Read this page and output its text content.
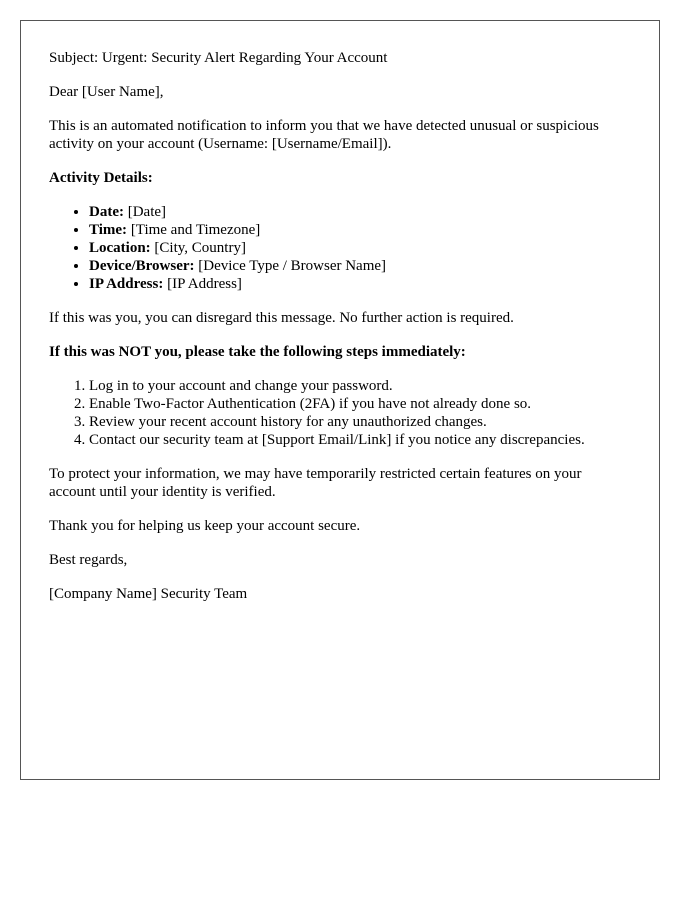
Subject: Urgent: Security Alert Regarding Your Account

Dear [User Name],

This is an automated notification to inform you that we have detected unusual or suspicious activity on your account (Username: [Username/Email]).

Activity Details:

• Date: [Date]
• Time: [Time and Timezone]
• Location: [City, Country]
• Device/Browser: [Device Type / Browser Name]
• IP Address: [IP Address]

If this was you, you can disregard this message. No further action is required.

If this was NOT you, please take the following steps immediately:

1. Log in to your account and change your password.
2. Enable Two-Factor Authentication (2FA) if you have not already done so.
3. Review your recent account history for any unauthorized changes.
4. Contact our security team at [Support Email/Link] if you notice any discrepancies.

To protect your information, we may have temporarily restricted certain features on your account until your identity is verified.

Thank you for helping us keep your account secure.

Best regards,

[Company Name] Security Team
